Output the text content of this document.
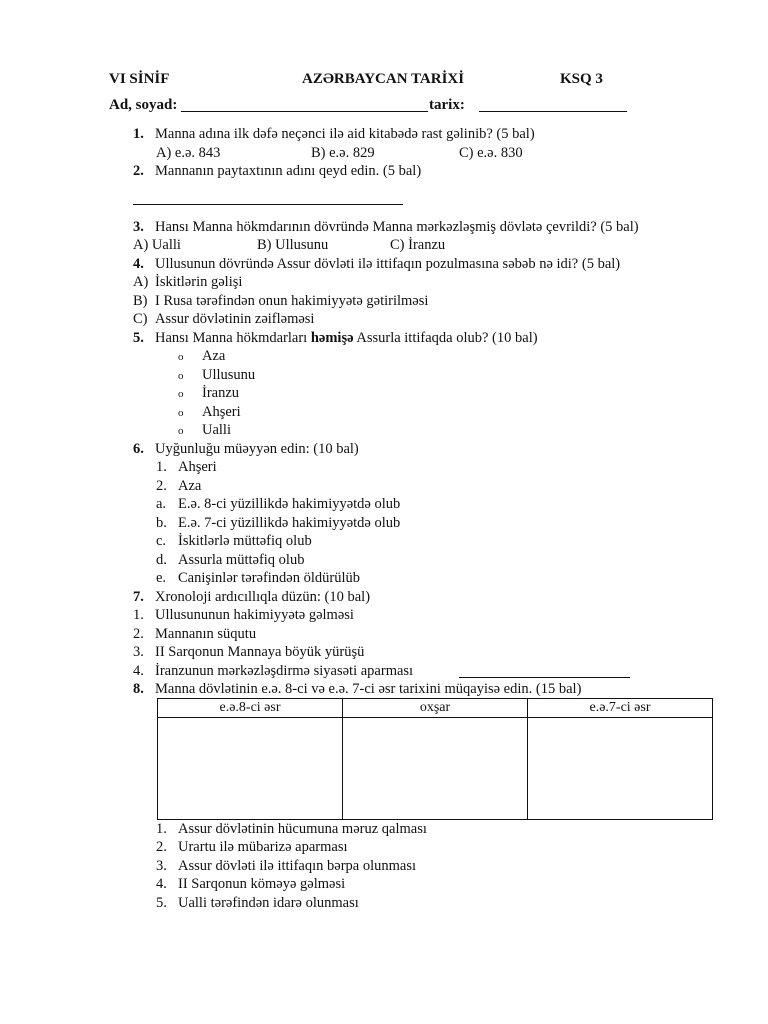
VI SİNİF	AZƏRBAYCAN TARİXİ	KSQ 3
Ad, soyad:	tarix:
1. Manna adına ilk dəfə neçənci ilə aid kitabədə rast gəlinib? (5 bal)
A) e.ə. 843	B) e.ə. 829	C) e.ə. 830
2. Mannanın paytaxtının adını qeyd edin. (5 bal)
3. Hansı Manna hökmdarının dövründə Manna mərkəzləşmiş dövlətə çevrildi? (5 bal)
A) Ualli	B) Ullusunu	C) İranzu
4. Ullusunun dövründə Assur dövləti ilə ittifaqın pozulmasına səbəb nə idi? (5 bal)
A) İskitlərin gəlişi
B) I Rusa tərəfindən onun hakimiyyətə gətirilməsi
C) Assur dövlətinin zəifləməsi
5. Hansı Manna hökmdarları həmişə Assurla ittifaqda olub? (10 bal)
o Aza
o Ullusunu
o İranzu
o Ahşeri
o Ualli
6. Uyğunluğu müəyyən edin: (10 bal)
1. Ahşeri
2. Aza
a. E.ə. 8-ci yüzillikdə hakimiyyətdə olub
b. E.ə. 7-ci yüzillikdə hakimiyyətdə olub
c. İskitlərlə müttəfiq olub
d. Assurla müttəfiq olub
e. Canişinlər tərəfindən öldürülüb
7. Xronoloji ardıcıllıqla düzün: (10 bal)
1. Ullusununun hakimiyyətə gəlməsi
2. Mannanın süqutu
3. II Sarqonun Mannaya böyük yürüşü
4. İranzunun mərkəzləşdirmə siyasəti aparması
8. Manna dövlətinin e.ə. 8-ci və e.ə. 7-ci əsr tarixini müqayisə edin. (15 bal)
e.ə.8-ci əsr	oxşar	e.ə.7-ci əsr

1. Assur dövlətinin hücumuna məruz qalması
2. Urartu ilə mübarizə aparması
3. Assur dövləti ilə ittifaqın bərpa olunması
4. II Sarqonun köməyə gəlməsi
5. Ualli tərəfindən idarə olunması
